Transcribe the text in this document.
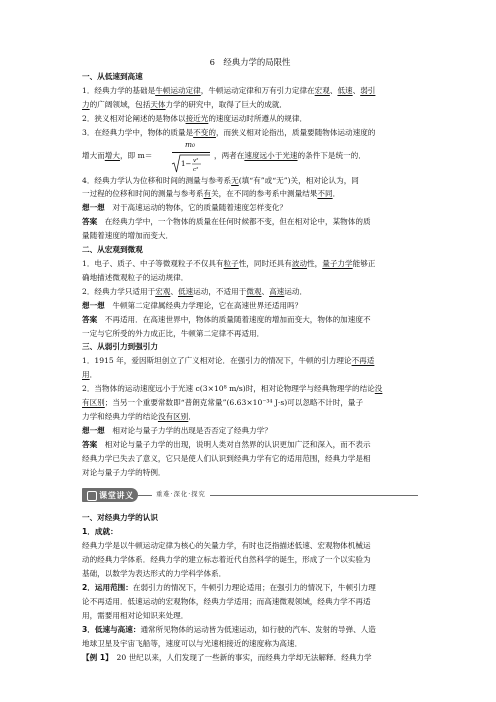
6　经典力学的局限性
一、从低速到高速
1．经典力学的基础是牛顿运动定律，牛顿运动定律和万有引力定律在宏观、低速、弱引
力的广阔领域，包括天体力学的研究中，取得了巨大的成就．
2．狭义相对论阐述的是物体以接近光的速度运动时所遵从的规律．
3．在经典力学中，物体的质量是不变的，而狭义相对论指出，质量要随物体运动速度的
增大而增大，即 m＝
m₀
1− v²
c²
，两者在速度远小于光速的条件下是统一的．
4．经典力学认为位移和时间的测量与参考系无(填“有”或“无”)关，相对论认为，同
一过程的位移和时间的测量与参考系有关，在不同的参考系中测量结果不同．
想一想　对于高速运动的物体，它的质量随着速度怎样变化？
答案　在经典力学中，一个物体的质量在任何时候都不变，但在相对论中，某物体的质
量随着速度的增加而变大．
二、从宏观到微观
1．电子、质子、中子等微观粒子不仅具有粒子性，同时还具有波动性，量子力学能够正
确地描述微观粒子的运动规律．
2．经典力学只适用于宏观、低速运动，不适用于微观、高速运动．
想一想　牛顿第二定律属经典力学理论，它在高速世界还适用吗？
答案　不再适用．在高速世界中，物体的质量随着速度的增加而变大，物体的加速度不
一定与它所受的外力成正比，牛顿第二定律不再适用．
三、从弱引力到强引力
1．1915 年，爱因斯坦创立了广义相对论．在强引力的情况下，牛顿的引力理论不再适
用．
2．当物体的运动速度远小于光速 c(3×10⁸ m/s)时，相对论物理学与经典物理学的结论没
有区别；当另一个重要常数即“普朗克常量”(6.63×10⁻³⁴ J·s)可以忽略不计时，量子
力学和经典力学的结论没有区别．
想一想　相对论与量子力学的出现是否否定了经典力学？
答案　相对论与量子力学的出现，说明人类对自然界的认识更加广泛和深入，而不表示
经典力学已失去了意义，它只是使人们认识到经典力学有它的适用范围，经典力学是相
对论与量子力学的特例．
课堂讲义	重难·深化·探究
一、对经典力学的认识
1．成就：
经典力学是以牛顿运动定律为核心的矢量力学，有时也泛指描述低速、宏观物体机械运
动的经典力学体系．经典力学的建立标志着近代自然科学的诞生，形成了一个以实验为
基础，以数学为表达形式的力学科学体系．
2．运用范围：在弱引力的情况下，牛顿引力理论适用；在强引力的情况下，牛顿引力理
论不再适用．低速运动的宏观物体，经典力学适用；而高速微观领域，经典力学不再适
用，需要用相对论知识来处理．
3．低速与高速：通常所见物体的运动皆为低速运动，如行驶的汽车、发射的导弹、人造
地球卫星及宇宙飞船等，速度可以与光速相接近的速度称为高速．
【例 1】　20 世纪以来，人们发现了一些新的事实，而经典力学却无法解释．经典力学
